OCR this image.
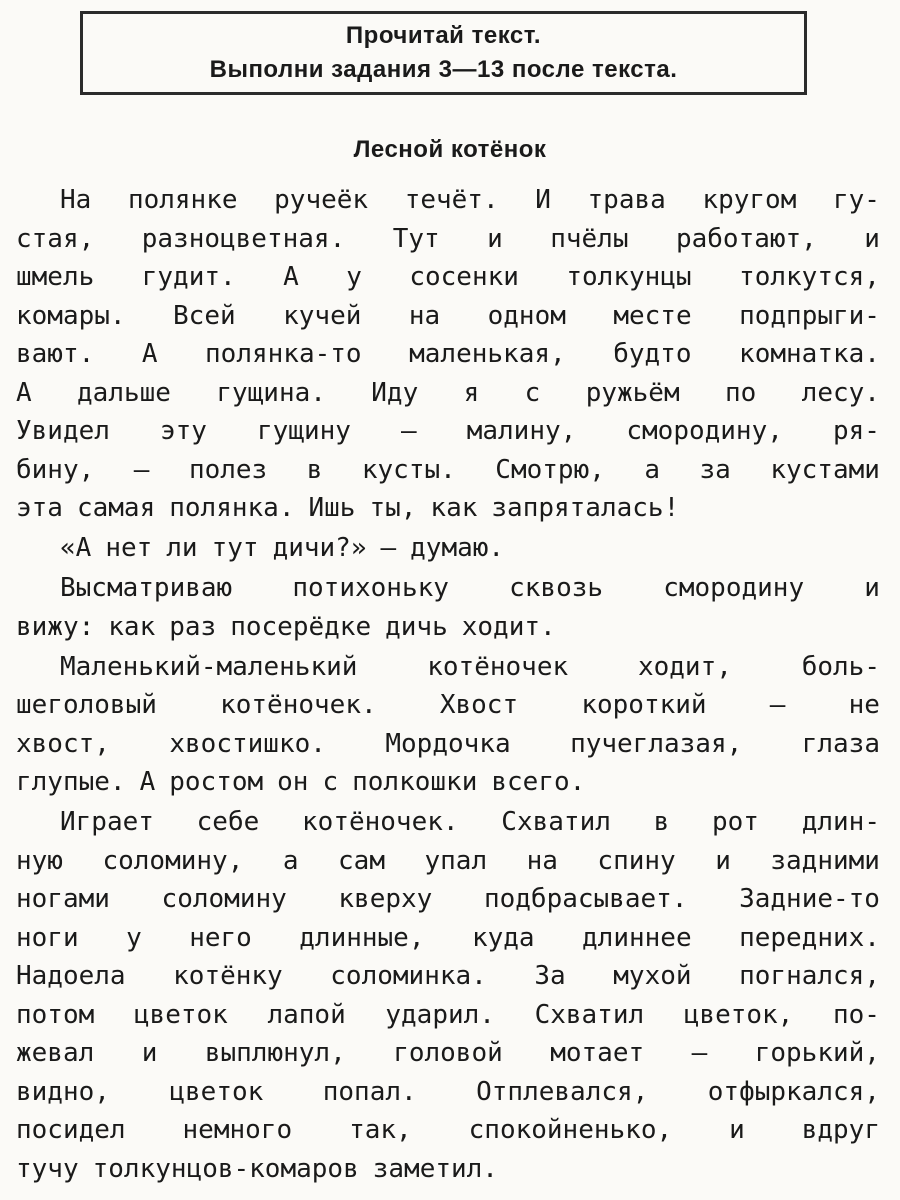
Прочитай текст.
Выполни задания 3—13 после текста.
Лесной котёнок
На полянке ручеёк течёт. И трава кругом гу-
стая, разноцветная. Тут и пчёлы работают, и
шмель гудит. А у сосенки толкунцы толкутся,
комары. Всей кучей на одном месте подпрыги-
вают. А полянка-то маленькая, будто комнатка.
А дальше гущина. Иду я с ружьём по лесу.
Увидел эту гущину — малину, смородину, ря-
бину, — полез в кусты. Смотрю, а за кустами
эта самая полянка. Ишь ты, как запряталась!
«А нет ли тут дичи?» — думаю.
Высматриваю потихоньку сквозь смородину и
вижу: как раз посерёдке дичь ходит.
Маленький-маленький	котёночек	ходит,	боль-
шеголовый котёночек. Хвост короткий — не
хвост, хвостишко. Мордочка пучеглазая, глаза
глупые. А ростом он с полкошки всего.
Играет себе котёночек. Схватил в рот длин-
ную соломину, а сам упал на спину и задними
ногами соломину кверху подбрасывает. Задние-то
ноги у него длинные, куда длиннее передних.
Надоела котёнку соломинка. За мухой погнался,
потом цветок лапой ударил. Схватил цветок, по-
жевал и выплюнул, головой мотает — горький,
видно, цветок попал. Отплевался, отфыркался,
посидел немного так, спокойненько, и вдруг
тучу толкунцов-комаров заметил.
